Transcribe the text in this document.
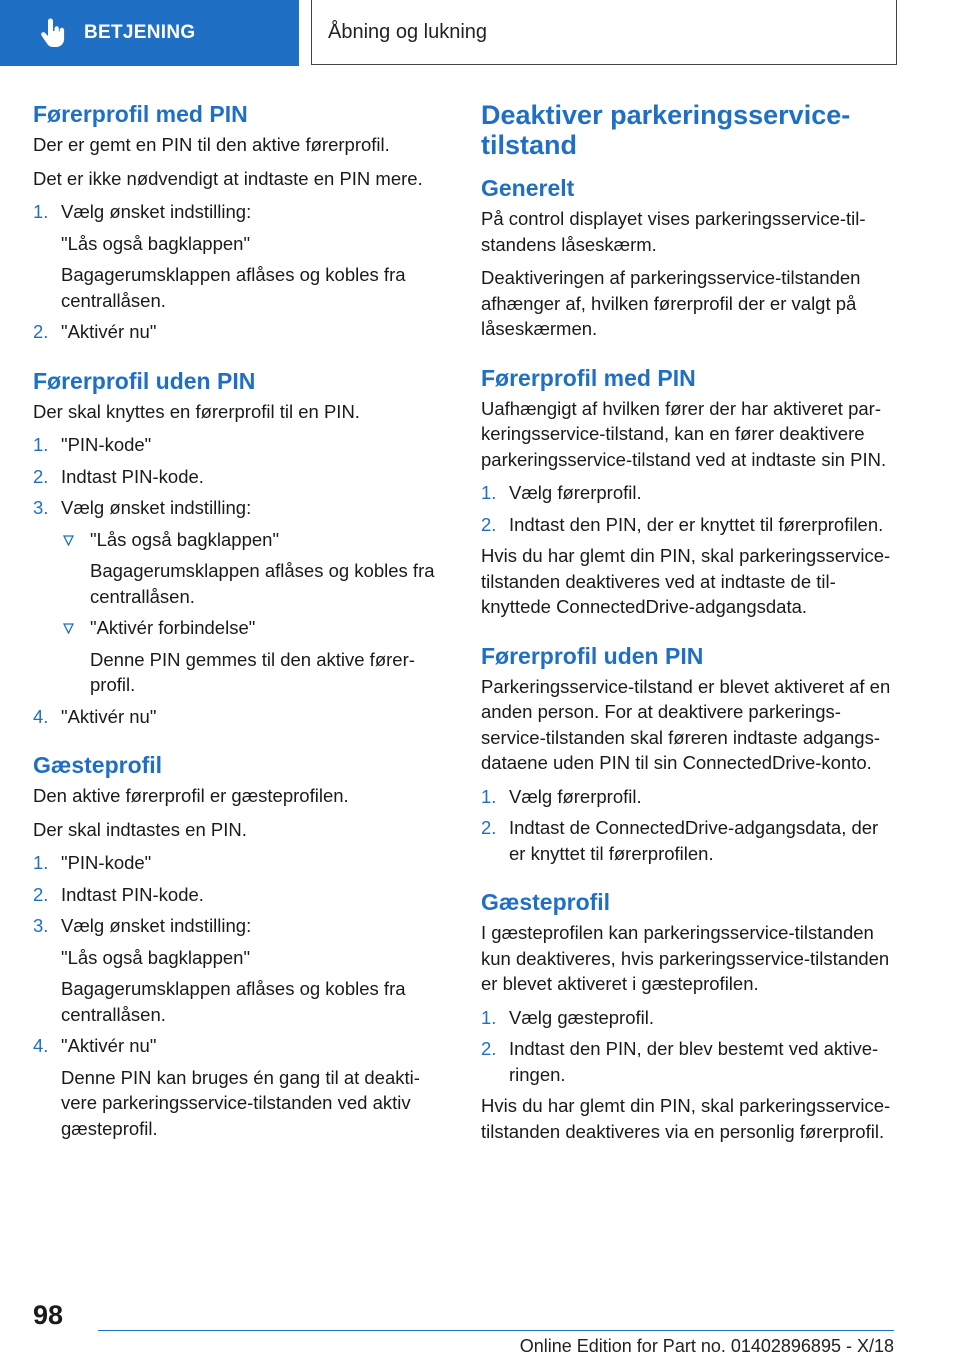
BETJENING	Åbning og lukning
Førerprofil med PIN

Der er gemt en PIN til den aktive førerprofil.

Det er ikke nødvendigt at indtaste en PIN mere.

1. Vælg ønsket indstilling:

"Lås også bagklappen"

Bagagerumsklappen aflåses og kobles fra centrallåsen.

2. "Aktivér nu"

Førerprofil uden PIN

Der skal knyttes en førerprofil til en PIN.

1. "PIN-kode"

2. Indtast PIN-kode.

3. Vælg ønsket indstilling:

"Lås også bagklappen"

Bagagerumsklappen aflåses og kobles fra centrallåsen.

"Aktivér forbindelse"

Denne PIN gemmes til den aktive førerprofil.

4. "Aktivér nu"

Gæsteprofil

Den aktive førerprofil er gæsteprofilen.

Der skal indtastes en PIN.

1. "PIN-kode"

2. Indtast PIN-kode.

3. Vælg ønsket indstilling:

"Lås også bagklappen"

Bagagerumsklappen aflåses og kobles fra centrallåsen.

4. "Aktivér nu"

Denne PIN kan bruges én gang til at deaktivere parkeringsservice-tilstanden ved aktiv gæsteprofil.

Deaktiver parkeringsservice-tilstand
Generelt

På control displayet vises parkeringsservice-tilstandens låseskærm.

Deaktiveringen af parkeringsservice-tilstanden afhænger af, hvilken førerprofil der er valgt på låseskærmen.

Førerprofil med PIN

Uafhængigt af hvilken fører der har aktiveret parkeringsservice-tilstand, kan en fører deaktivere parkeringsservice-tilstand ved at indtaste sin PIN.

1. Vælg førerprofil.

2. Indtast den PIN, der er knyttet til førerprofilen.

Hvis du har glemt din PIN, skal parkeringsservice-tilstanden deaktiveres ved at indtaste de tilknyttede ConnectedDrive-adgangsdata.

Førerprofil uden PIN

Parkeringsservice-tilstand er blevet aktiveret af en anden person. For at deaktivere parkeringsservice-tilstanden skal føreren indtaste adgangsdataene uden PIN til sin ConnectedDrive-konto.

1. Vælg førerprofil.

2. Indtast de ConnectedDrive-adgangsdata, der er knyttet til førerprofilen.

Gæsteprofil

I gæsteprofilen kan parkeringsservice-tilstanden kun deaktiveres, hvis parkeringsservice-tilstanden er blevet aktiveret i gæsteprofilen.

1. Vælg gæsteprofil.

2. Indtast den PIN, der blev bestemt ved aktiveringen.

Hvis du har glemt din PIN, skal parkeringsservice-tilstanden deaktiveres via en personlig førerprofil.

98
Online Edition for Part no. 01402896895 - X/18
